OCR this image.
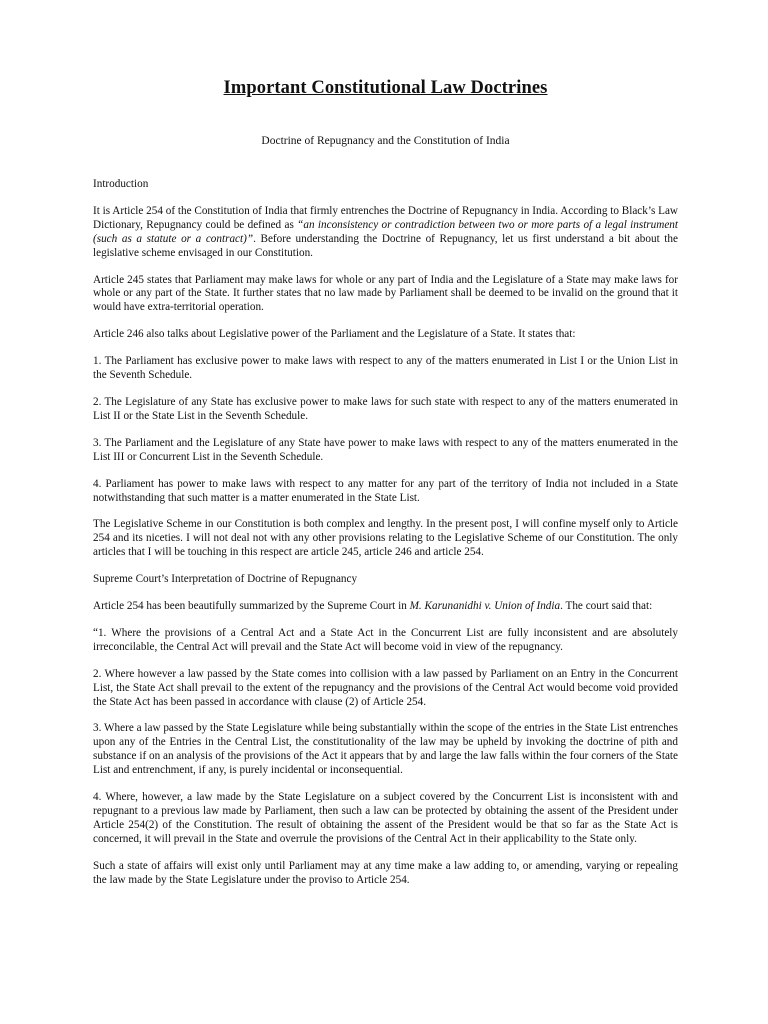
Important Constitutional Law Doctrines
Doctrine of Repugnancy and the Constitution of India

Introduction

It is Article 254 of the Constitution of India that firmly entrenches the Doctrine of Repugnancy in India. According to Black’s Law Dictionary, Repugnancy could be defined as “an inconsistency or contradiction between two or more parts of a legal instrument (such as a statute or a contract)”. Before understanding the Doctrine of Repugnancy, let us first understand a bit about the legislative scheme envisaged in our Constitution.

Article 245 states that Parliament may make laws for whole or any part of India and the Legislature of a State may make laws for whole or any part of the State. It further states that no law made by Parliament shall be deemed to be invalid on the ground that it would have extra-territorial operation.

Article 246 also talks about Legislative power of the Parliament and the Legislature of a State. It states that:

1. The Parliament has exclusive power to make laws with respect to any of the matters enumerated in List I or the Union List in the Seventh Schedule.

2. The Legislature of any State has exclusive power to make laws for such state with respect to any of the matters enumerated in List II or the State List in the Seventh Schedule.

3. The Parliament and the Legislature of any State have power to make laws with respect to any of the matters enumerated in the List III or Concurrent List in the Seventh Schedule.

4. Parliament has power to make laws with respect to any matter for any part of the territory of India not included in a State notwithstanding that such matter is a matter enumerated in the State List.

The Legislative Scheme in our Constitution is both complex and lengthy. In the present post, I will confine myself only to Article 254 and its niceties. I will not deal not with any other provisions relating to the Legislative Scheme of our Constitution. The only articles that I will be touching in this respect are article 245, article 246 and article 254.

Supreme Court’s Interpretation of Doctrine of Repugnancy

Article 254 has been beautifully summarized by the Supreme Court in M. Karunanidhi v. Union of India. The court said that:

“1. Where the provisions of a Central Act and a State Act in the Concurrent List are fully inconsistent and are absolutely irreconcilable, the Central Act will prevail and the State Act will become void in view of the repugnancy.

2. Where however a law passed by the State comes into collision with a law passed by Parliament on an Entry in the Concurrent List, the State Act shall prevail to the extent of the repugnancy and the provisions of the Central Act would become void provided the State Act has been passed in accordance with clause (2) of Article 254.

3. Where a law passed by the State Legislature while being substantially within the scope of the entries in the State List entrenches upon any of the Entries in the Central List, the constitutionality of the law may be upheld by invoking the doctrine of pith and substance if on an analysis of the provisions of the Act it appears that by and large the law falls within the four corners of the State List and entrenchment, if any, is purely incidental or inconsequential.

4. Where, however, a law made by the State Legislature on a subject covered by the Concurrent List is inconsistent with and repugnant to a previous law made by Parliament, then such a law can be protected by obtaining the assent of the President under Article 254(2) of the Constitution. The result of obtaining the assent of the President would be that so far as the State Act is concerned, it will prevail in the State and overrule the provisions of the Central Act in their applicability to the State only.

Such a state of affairs will exist only until Parliament may at any time make a law adding to, or amending, varying or repealing the law made by the State Legislature under the proviso to Article 254.
